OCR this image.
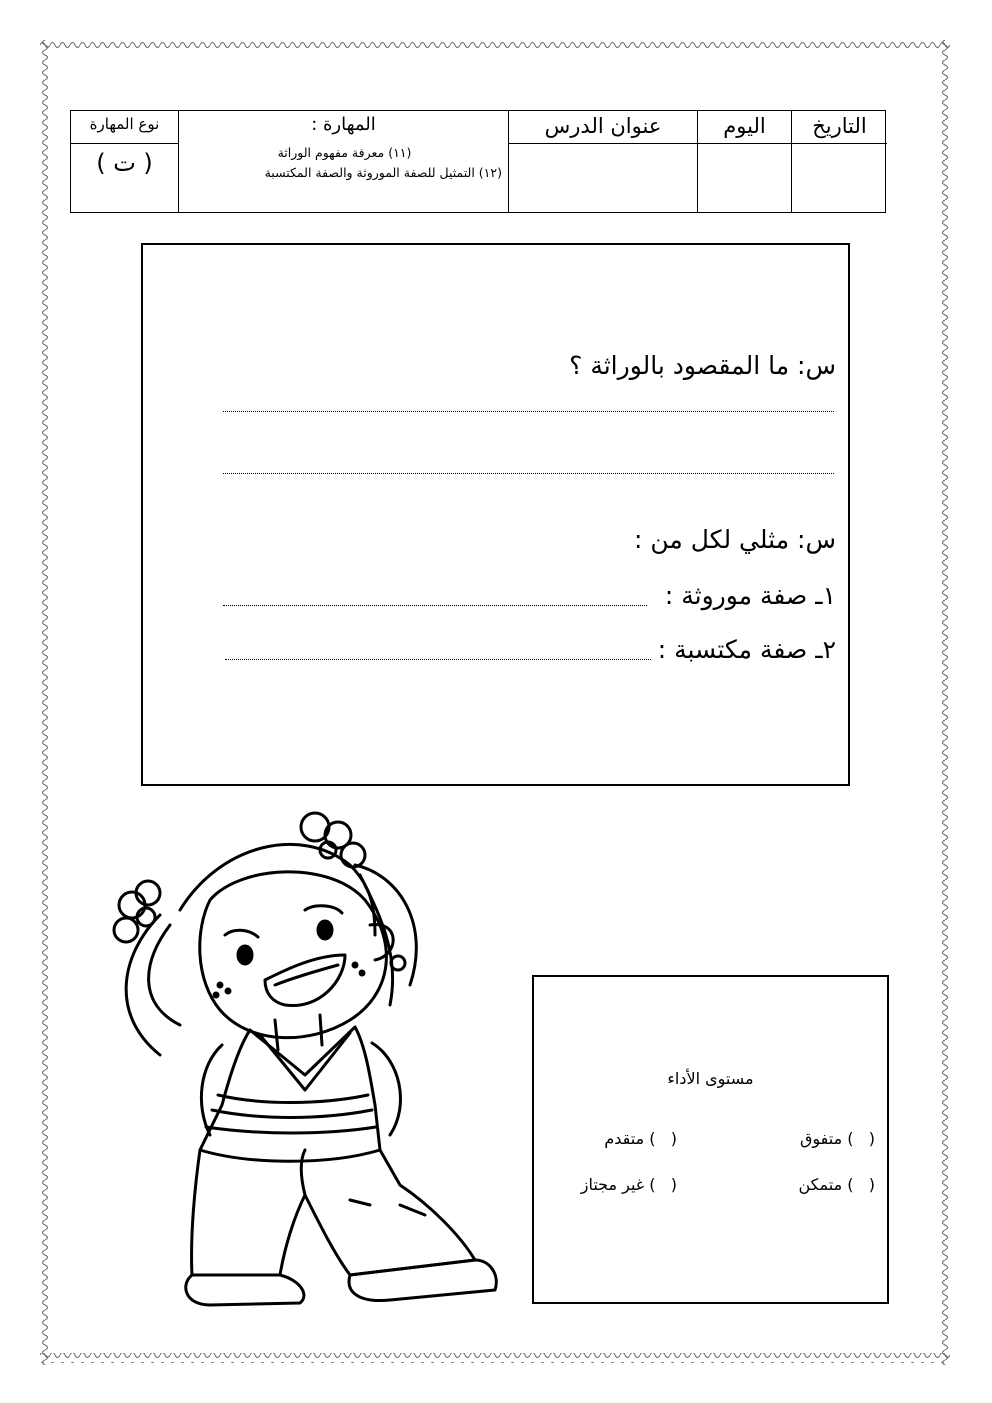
نوع المهارة
( ت )
المهارة :
(١١) معرفة مفهوم الوراثة
(١٢) التمثيل للصفة الموروثة والصفة المكتسبة
عنوان الدرس	اليوم	التاريخ
س: ما المقصود بالوراثة ؟
س: مثلي لكل من :
١ـ صفة موروثة :
٢ـ صفة مكتسبة :
مستوى الأداء
(   ) متفوق
(   ) متقدم
(   ) متمكن
(   ) غير مجتاز
